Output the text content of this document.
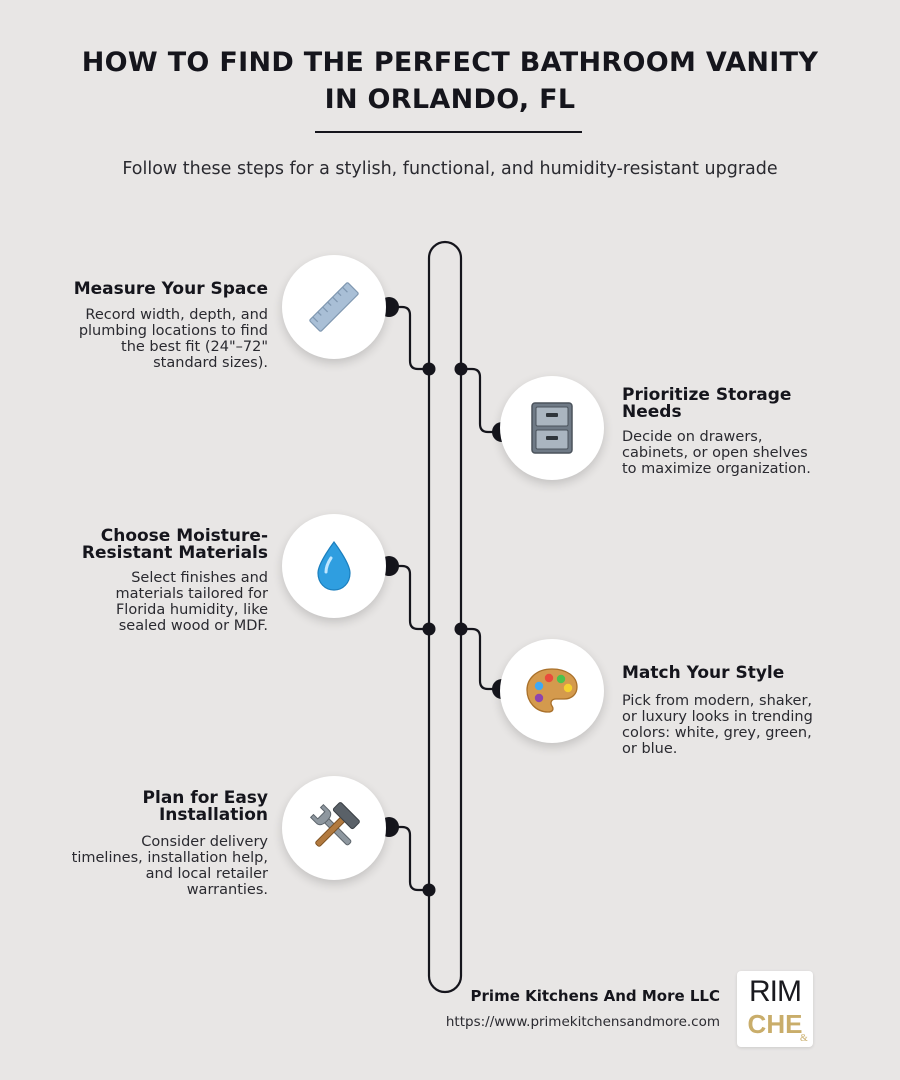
HOW TO FIND THE PERFECT BATHROOM VANITY
IN ORLANDO, FL
Follow these steps for a stylish, functional, and humidity-resistant upgrade
Measure Your Space
Record width, depth, and
plumbing locations to find
the best fit (24"–72"
standard sizes).
Prioritize Storage
Needs
Decide on drawers,
cabinets, or open shelves
to maximize organization.
Choose Moisture-
Resistant Materials
Select finishes and
materials tailored for
Florida humidity, like
sealed wood or MDF.
Match Your Style
Pick from modern, shaker,
or luxury looks in trending
colors: white, grey, green,
or blue.
Plan for Easy
Installation
Consider delivery
timelines, installation help,
and local retailer
warranties.
Prime Kitchens And More LLC
https://www.primekitchensandmore.com
RIM
CHE
&
